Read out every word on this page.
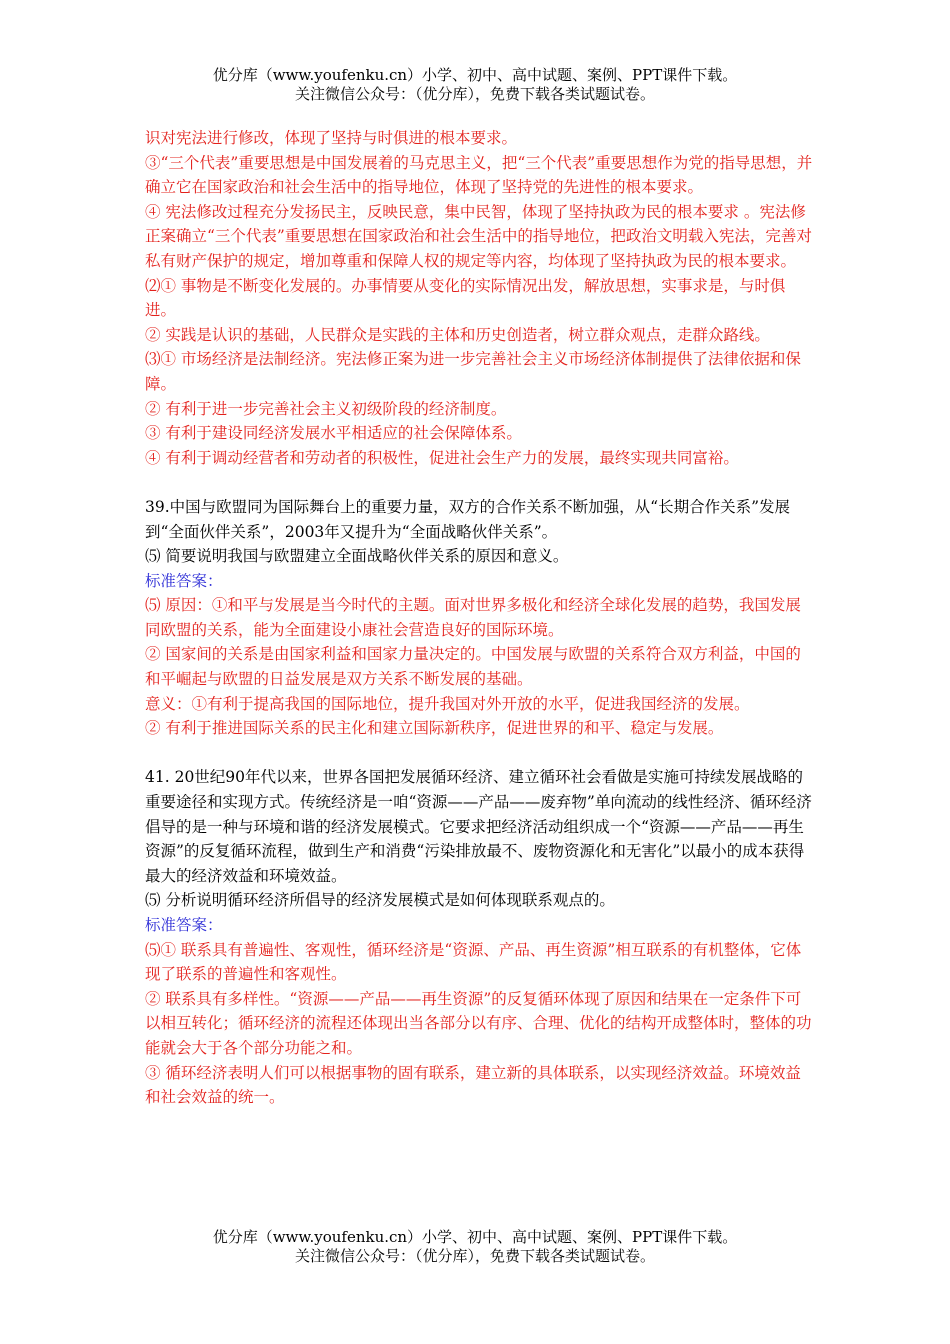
优分库（www.youfenku.cn）小学、初中、高中试题、案例、PPT课件下载。
关注微信公众号：（优分库），免费下载各类试题试卷。

识对宪法进行修改，体现了坚持与时俱进的根本要求。

③“三个代表”重要思想是中国发展着的马克思主义，把“三个代表”重要思想作为党的指导思想，并确立它在国家政治和社会生活中的指导地位，体现了坚持党的先进性的根本要求。

④ 宪法修改过程充分发扬民主，反映民意，集中民智，体现了坚持执政为民的根本要求 。宪法修正案确立“三个代表”重要思想在国家政治和社会生活中的指导地位，把政治文明载入宪法，完善对私有财产保护的规定，增加尊重和保障人权的规定等内容，均体现了坚持执政为民的根本要求。

⑵① 事物是不断变化发展的。办事情要从变化的实际情况出发，解放思想，实事求是，与时俱进。

② 实践是认识的基础，人民群众是实践的主体和历史创造者，树立群众观点，走群众路线。

⑶① 市场经济是法制经济。宪法修正案为进一步完善社会主义市场经济体制提供了法律依据和保障。

② 有利于进一步完善社会主义初级阶段的经济制度。

③ 有利于建设同经济发展水平相适应的社会保障体系。

④ 有利于调动经营者和劳动者的积极性，促进社会生产力的发展，最终实现共同富裕。

39.中国与欧盟同为国际舞台上的重要力量，双方的合作关系不断加强，从“长期合作关系”发展到“全面伙伴关系”，2003年又提升为“全面战略伙伴关系”。

⑸ 简要说明我国与欧盟建立全面战略伙伴关系的原因和意义。

标准答案：

⑸ 原因：①和平与发展是当今时代的主题。面对世界多极化和经济全球化发展的趋势，我国发展同欧盟的关系，能为全面建设小康社会营造良好的国际环境。

② 国家间的关系是由国家利益和国家力量决定的。中国发展与欧盟的关系符合双方利益，中国的和平崛起与欧盟的日益发展是双方关系不断发展的基础。

意义：①有利于提高我国的国际地位，提升我国对外开放的水平，促进我国经济的发展。

② 有利于推进国际关系的民主化和建立国际新秩序，促进世界的和平、稳定与发展。

41. 20世纪90年代以来，世界各国把发展循环经济、建立循环社会看做是实施可持续发展战略的重要途径和实现方式。传统经济是一咱“资源——产品——废弃物”单向流动的线性经济、循环经济倡导的是一种与环境和谐的经济发展模式。它要求把经济活动组织成一个“资源——产品——再生资源”的反复循环流程，做到生产和消费“污染排放最不、废物资源化和无害化”以最小的成本获得最大的经济效益和环境效益。

⑸ 分析说明循环经济所倡导的经济发展模式是如何体现联系观点的。

标准答案：

⑸① 联系具有普遍性、客观性，循环经济是“资源、产品、再生资源”相互联系的有机整体，它体现了联系的普遍性和客观性。

② 联系具有多样性。“资源——产品——再生资源”的反复循环体现了原因和结果在一定条件下可以相互转化；循环经济的流程还体现出当各部分以有序、合理、优化的结构开成整体时，整体的功能就会大于各个部分功能之和。

③ 循环经济表明人们可以根据事物的固有联系，建立新的具体联系，以实现经济效益。环境效益和社会效益的统一。

优分库（www.youfenku.cn）小学、初中、高中试题、案例、PPT课件下载。
关注微信公众号：（优分库），免费下载各类试题试卷。
